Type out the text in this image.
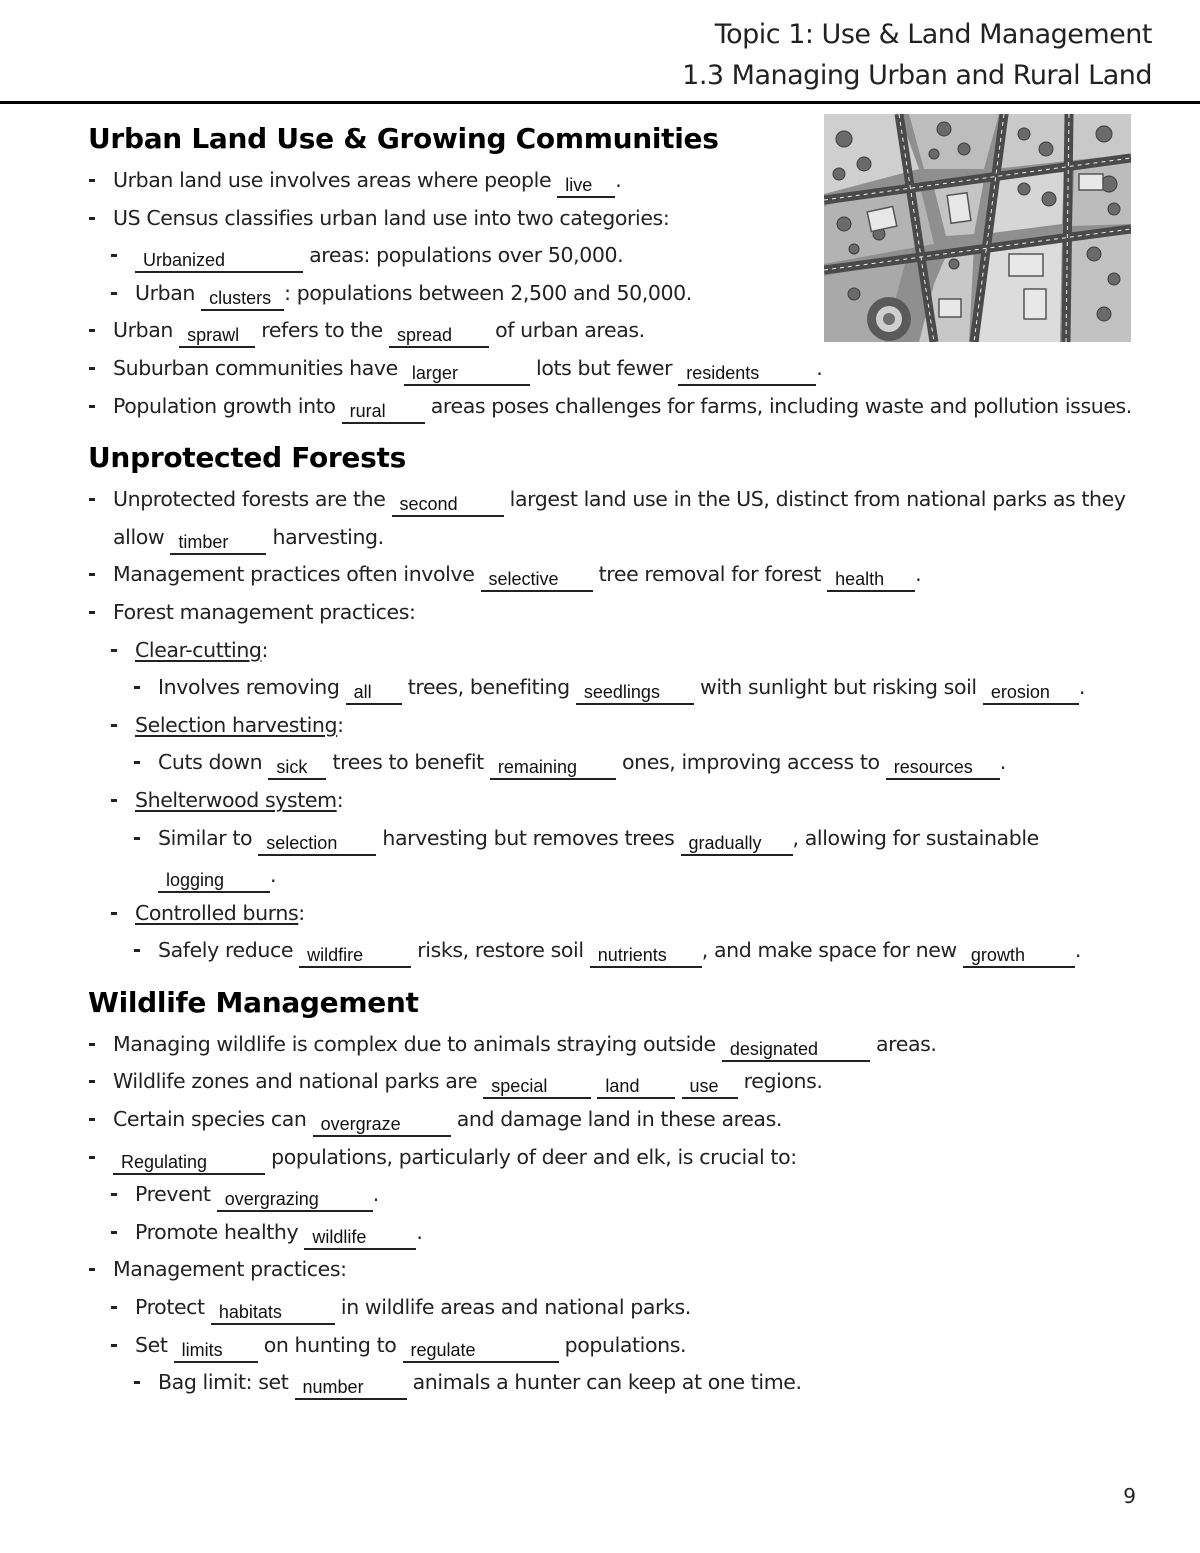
Topic 1: Use & Land Management
1.3 Managing Urban and Rural Land
Urban Land Use & Growing Communities
Urban land use involves areas where people live .
US Census classifies urban land use into two categories:
Urbanized	areas: populations over 50,000.
Urban clusters : populations between 2,500 and 50,000.
Urban sprawl refers to the spread of urban areas.
Suburban communities have larger	lots but fewer residents	.
Population growth into rural areas poses challenges for farms, including waste and pollution issues.
Unprotected Forests
Unprotected forests are the second largest land use in the US, distinct from national parks as they allow timber harvesting.
Management practices often involve selective tree removal for forest health .
Forest management practices:
Clear-cutting:
Involves removing all trees, benefiting seedlings with sunlight but risking soil erosion .
Selection harvesting:
Cuts down sick trees to benefit remaining ones, improving access to resources .
Shelterwood system:
Similar to selection harvesting but removes trees gradually , allowing for sustainable logging .
Controlled burns:
Safely reduce wildfire risks, restore soil nutrients , and make space for new growth .
Wildlife Management
Managing wildlife is complex due to animals straying outside designated	areas.
Wildlife zones and national parks are special	land	use regions.
Certain species can overgraze and damage land in these areas.
Regulating	populations, particularly of deer and elk, is crucial to:
Prevent overgrazing	.
Promote healthy wildlife .
Management practices:
Protect habitats	in wildlife areas and national parks.
Set limits on hunting to regulate	populations.
Bag limit: set number animals a hunter can keep at one time.
9
